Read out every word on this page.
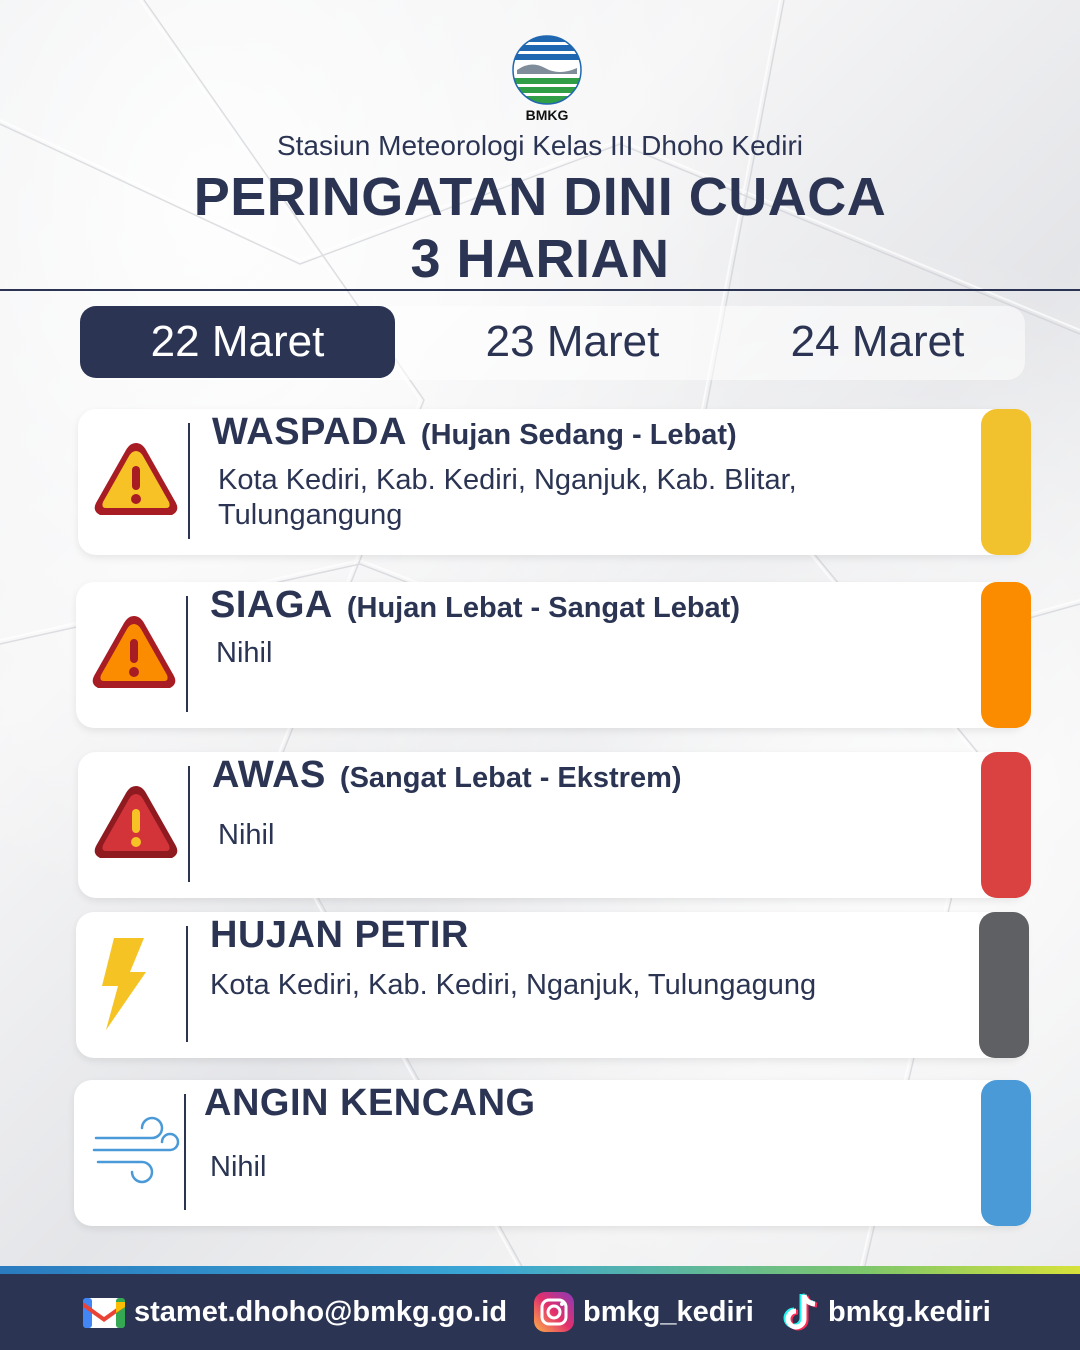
BMKG
Stasiun Meteorologi Kelas III Dhoho Kediri
PERINGATAN DINI CUACA
3 HARIAN
22 Maret	23 Maret	24 Maret
WASPADA (Hujan Sedang - Lebat)
Kota Kediri, Kab. Kediri, Nganjuk, Kab. Blitar, Tulungangung
SIAGA (Hujan Lebat - Sangat Lebat)
Nihil
AWAS (Sangat Lebat - Ekstrem)
Nihil
HUJAN PETIR
Kota Kediri, Kab. Kediri, Nganjuk, Tulungagung
ANGIN KENCANG
Nihil
stamet.dhoho@bmkg.go.id	bmkg_kediri	bmkg.kediri
